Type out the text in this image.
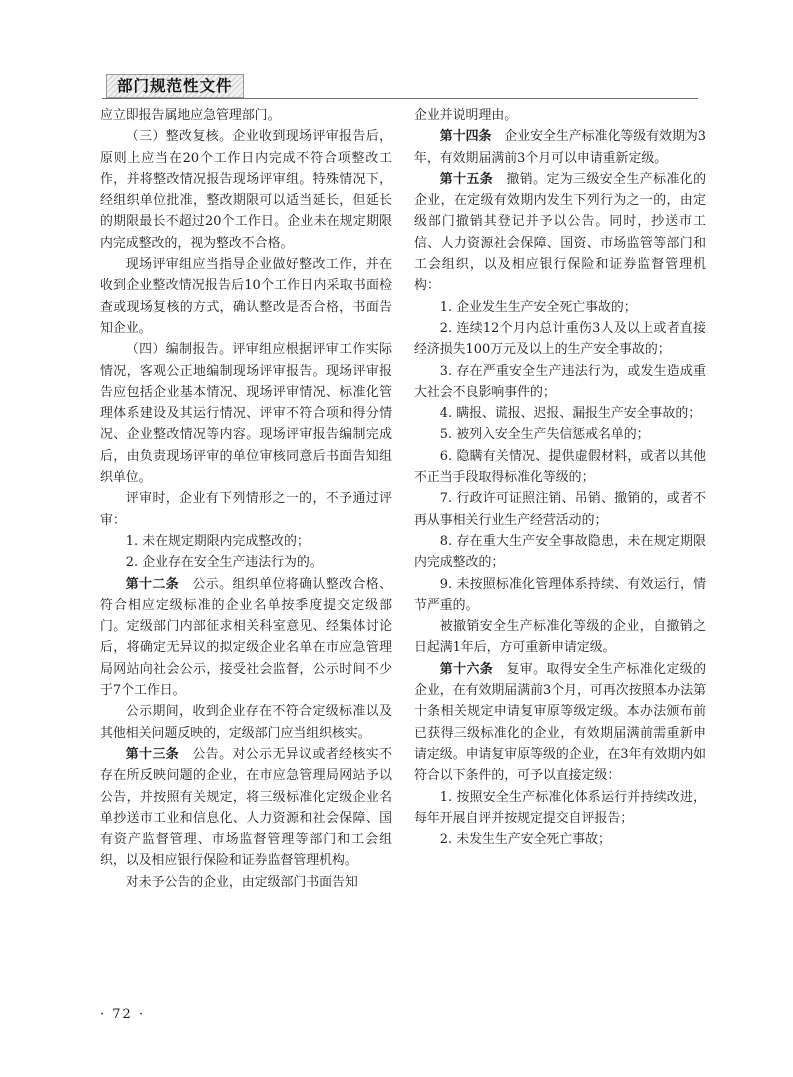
部门规范性文件

应立即报告属地应急管理部门。

（三）整改复核。企业收到现场评审报告后，原则上应当在20个工作日内完成不符合项整改工作，并将整改情况报告现场评审组。特殊情况下，经组织单位批准，整改期限可以适当延长，但延长的期限最长不超过20个工作日。企业未在规定期限内完成整改的，视为整改不合格。

现场评审组应当指导企业做好整改工作，并在收到企业整改情况报告后10个工作日内采取书面检查或现场复核的方式，确认整改是否合格，书面告知企业。

（四）编制报告。评审组应根据评审工作实际情况，客观公正地编制现场评审报告。现场评审报告应包括企业基本情况、现场评审情况、标准化管理体系建设及其运行情况、评审不符合项和得分情况、企业整改情况等内容。现场评审报告编制完成后，由负责现场评审的单位审核同意后书面告知组织单位。

评审时，企业有下列情形之一的，不予通过评审：

1. 未在规定期限内完成整改的；

2. 企业存在安全生产违法行为的。

第十二条　公示。组织单位将确认整改合格、符合相应定级标准的企业名单按季度提交定级部门。定级部门内部征求相关科室意见、经集体讨论后，将确定无异议的拟定级企业名单在市应急管理局网站向社会公示，接受社会监督，公示时间不少于7个工作日。

公示期间，收到企业存在不符合定级标准以及其他相关问题反映的，定级部门应当组织核实。

第十三条　公告。对公示无异议或者经核实不存在所反映问题的企业，在市应急管理局网站予以公告，并按照有关规定，将三级标准化定级企业名单抄送市工业和信息化、人力资源和社会保障、国有资产监督管理、市场监督管理等部门和工会组织，以及相应银行保险和证券监督管理机构。

对未予公告的企业，由定级部门书面告知

企业并说明理由。

第十四条　企业安全生产标准化等级有效期为3年，有效期届满前3个月可以申请重新定级。

第十五条　撤销。定为三级安全生产标准化的企业，在定级有效期内发生下列行为之一的，由定级部门撤销其登记并予以公告。同时，抄送市工信、人力资源社会保障、国资、市场监管等部门和工会组织，以及相应银行保险和证券监督管理机构：

1. 企业发生生产安全死亡事故的；

2. 连续12个月内总计重伤3人及以上或者直接经济损失100万元及以上的生产安全事故的；

3. 存在严重安全生产违法行为，或发生造成重大社会不良影响事件的；

4. 瞒报、谎报、迟报、漏报生产安全事故的；

5. 被列入安全生产失信惩戒名单的；

6. 隐瞒有关情况、提供虚假材料，或者以其他不正当手段取得标准化等级的；

7. 行政许可证照注销、吊销、撤销的，或者不再从事相关行业生产经营活动的；

8. 存在重大生产安全事故隐患，未在规定期限内完成整改的；

9. 未按照标准化管理体系持续、有效运行，情节严重的。

被撤销安全生产标准化等级的企业，自撤销之日起满1年后，方可重新申请定级。

第十六条　复审。取得安全生产标准化定级的企业，在有效期届满前3个月，可再次按照本办法第十条相关规定申请复审原等级定级。本办法颁布前已获得三级标准化的企业，有效期届满前需重新申请定级。申请复审原等级的企业，在3年有效期内如符合以下条件的，可予以直接定级：

1. 按照安全生产标准化体系运行并持续改进，每年开展自评并按规定提交自评报告；

2. 未发生生产安全死亡事故；

· 72 ·
